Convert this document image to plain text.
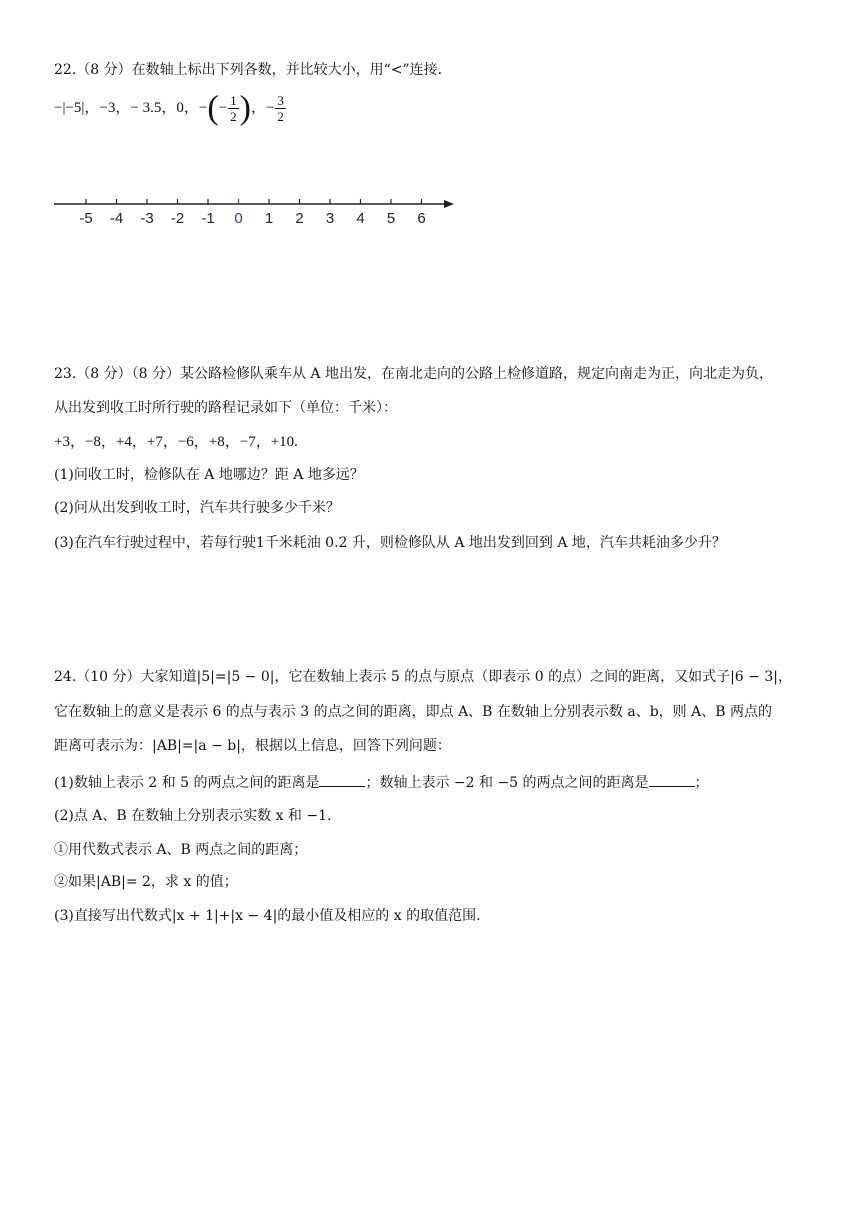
22.（8 分）在数轴上标出下列各数，并比较大小，用“<”连接.
−|−5|，−3，− 3.5，0，−(− $\frac{1}{2}$ )，− $\frac{3}{2}$
-5 -4 -3 -2 -1 0 1 2 3 4 5 6
23.（8 分）（8 分）某公路检修队乘车从 A 地出发，在南北走向的公路上检修道路，规定向南走为正，向北走为负，
从出发到收工时所行驶的路程记录如下（单位：千米）：
+3，−8，+4，+7，−6，+8，−7，+10.
(1)问收工时，检修队在 A 地哪边？距 A 地多远？
(2)问从出发到收工时，汽车共行驶多少千米？
(3)在汽车行驶过程中，若每行驶1千米耗油 0.2 升，则检修队从 A 地出发到回到 A 地，汽车共耗油多少升？
24.（10 分）大家知道|5|=|5 − 0|，它在数轴上表示 5 的点与原点（即表示 0 的点）之间的距离，又如式子|6 − 3|，
它在数轴上的意义是表示 6 的点与表示 3 的点之间的距离，即点 A、B 在数轴上分别表示数 a、b，则 A、B 两点的
距离可表示为：|AB|=|a − b|，根据以上信息，回答下列问题：
(1)数轴上表示 2 和 5 的两点之间的距离是	；数轴上表示 −2 和 −5 的两点之间的距离是	；
(2)点 A、B 在数轴上分别表示实数 x 和 −1.
①用代数式表示 A、B 两点之间的距离；
②如果|AB|= 2，求 x 的值；
(3)直接写出代数式|x + 1|+|x − 4|的最小值及相应的 x 的取值范围.
